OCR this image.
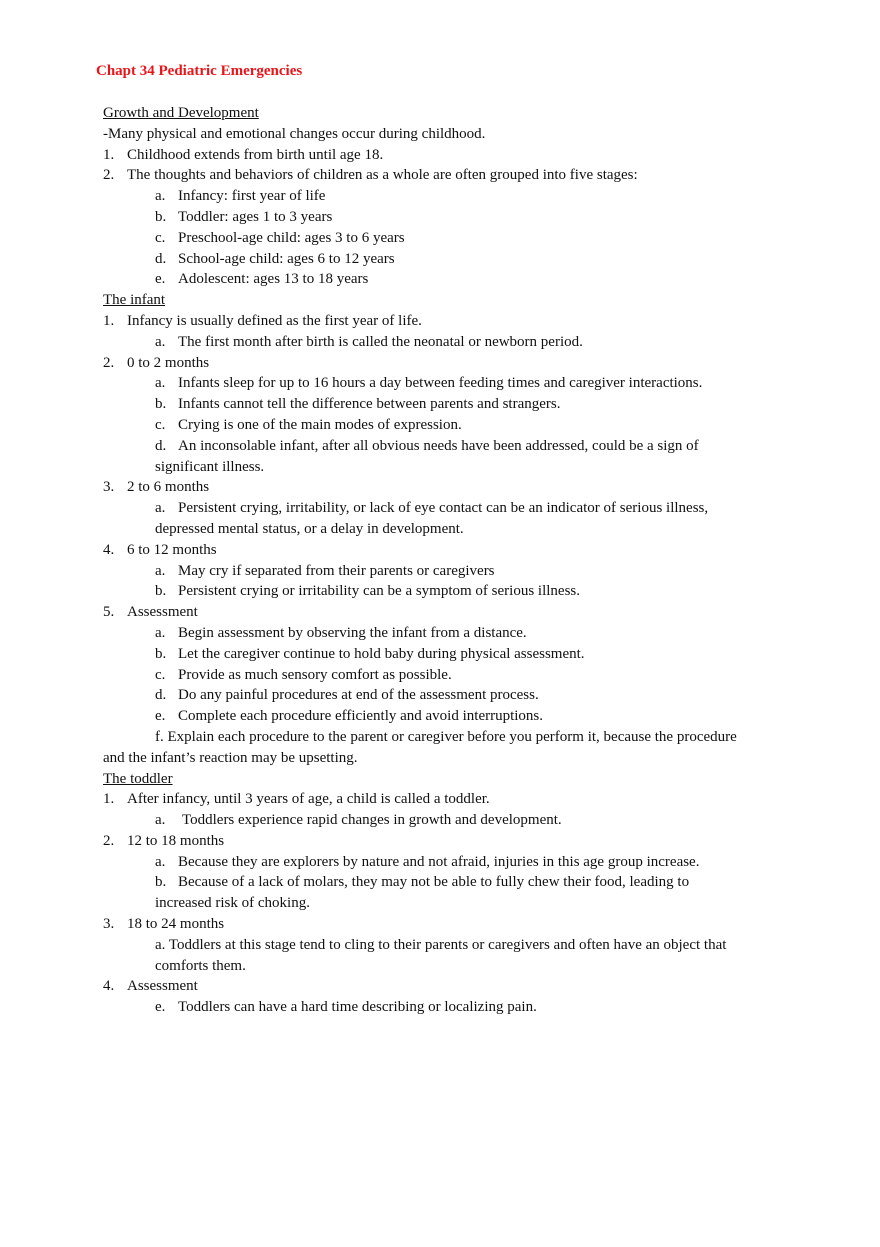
Chapt 34 Pediatric Emergencies
Growth and Development
-Many physical and emotional changes occur during childhood.
1. Childhood extends from birth until age 18.
2. The thoughts and behaviors of children as a whole are often grouped into five stages:
a. Infancy: first year of life
b. Toddler: ages 1 to 3 years
c. Preschool-age child: ages 3 to 6 years
d. School-age child: ages 6 to 12 years
e. Adolescent: ages 13 to 18 years
The infant
1. Infancy is usually defined as the first year of life.
a. The first month after birth is called the neonatal or newborn period.
2. 0 to 2 months
a. Infants sleep for up to 16 hours a day between feeding times and caregiver interactions.
b. Infants cannot tell the difference between parents and strangers.
c. Crying is one of the main modes of expression.
d. An inconsolable infant, after all obvious needs have been addressed, could be a sign of
significant illness.
3. 2 to 6 months
a. Persistent crying, irritability, or lack of eye contact can be an indicator of serious illness,
depressed mental status, or a delay in development.
4. 6 to 12 months
a. May cry if separated from their parents or caregivers
b. Persistent crying or irritability can be a symptom of serious illness.
5. Assessment
a. Begin assessment by observing the infant from a distance.
b. Let the caregiver continue to hold baby during physical assessment.
c. Provide as much sensory comfort as possible.
d. Do any painful procedures at end of the assessment process.
e. Complete each procedure efficiently and avoid interruptions.
f. Explain each procedure to the parent or caregiver before you perform it, because the procedure
and the infant’s reaction may be upsetting.
The toddler
1. After infancy, until 3 years of age, a child is called a toddler.
a. Toddlers experience rapid changes in growth and development.
2. 12 to 18 months
a. Because they are explorers by nature and not afraid, injuries in this age group increase.
b. Because of a lack of molars, they may not be able to fully chew their food, leading to
increased risk of choking.
3. 18 to 24 months
a. Toddlers at this stage tend to cling to their parents or caregivers and often have an object that
comforts them.
4. Assessment
e. Toddlers can have a hard time describing or localizing pain.
